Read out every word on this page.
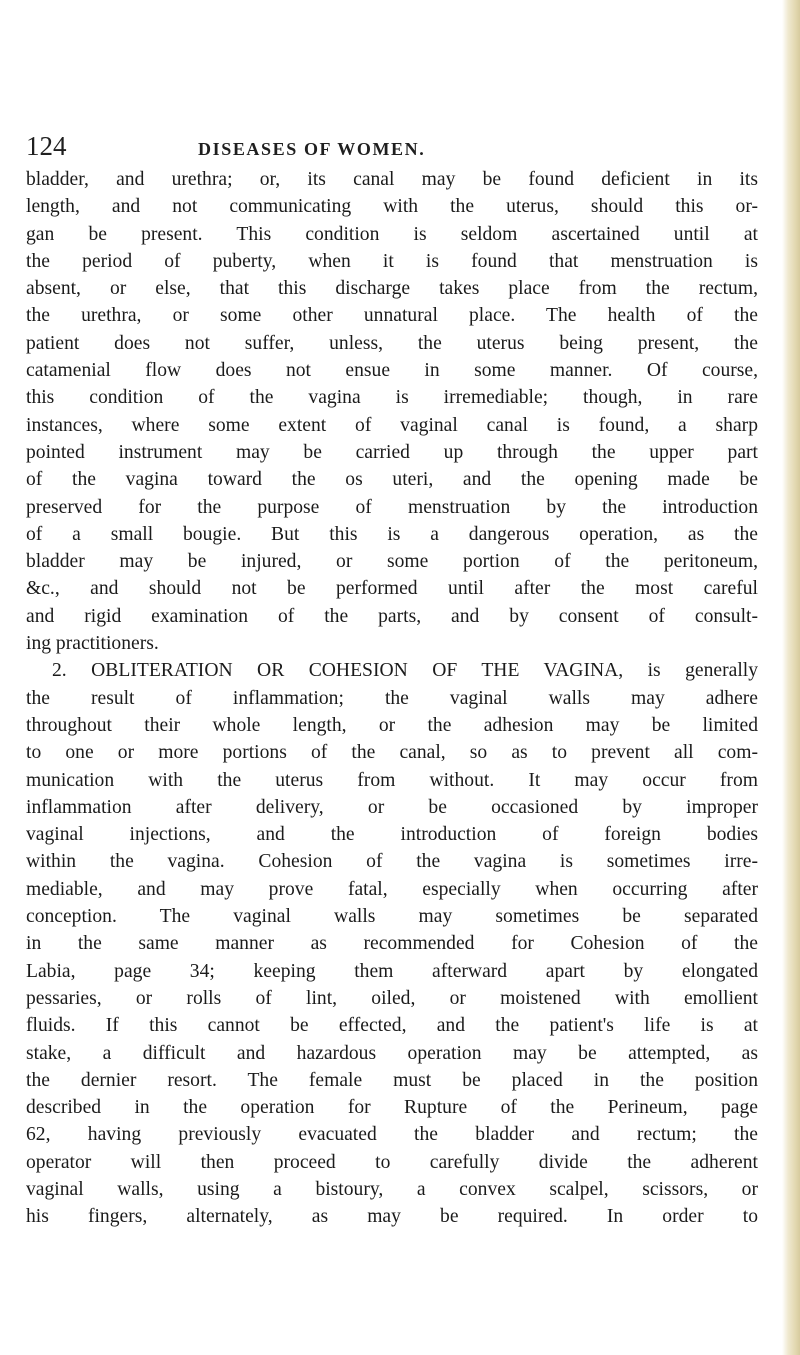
124	DISEASES OF WOMEN.
bladder, and urethra; or, its canal may be found deficient in its
length, and not communicating with the uterus, should this or-
gan be present. This condition is seldom ascertained until at
the period of puberty, when it is found that menstruation is
absent, or else, that this discharge takes place from the rectum,
the urethra, or some other unnatural place. The health of the
patient does not suffer, unless, the uterus being present, the
catamenial flow does not ensue in some manner. Of course,
this condition of the vagina is irremediable; though, in rare
instances, where some extent of vaginal canal is found, a sharp
pointed instrument may be carried up through the upper part
of the vagina toward the os uteri, and the opening made be
preserved for the purpose of menstruation by the introduction
of a small bougie. But this is a dangerous operation, as the
bladder may be injured, or some portion of the peritoneum,
&c., and should not be performed until after the most careful
and rigid examination of the parts, and by consent of consult-
ing practitioners.
2. OBLITERATION OR COHESION OF THE VAGINA, is generally
the result of inflammation; the vaginal walls may adhere
throughout their whole length, or the adhesion may be limited
to one or more portions of the canal, so as to prevent all com-
munication with the uterus from without. It may occur from
inflammation after delivery, or be occasioned by improper
vaginal injections, and the introduction of foreign bodies
within the vagina. Cohesion of the vagina is sometimes irre-
mediable, and may prove fatal, especially when occurring after
conception. The vaginal walls may sometimes be separated
in the same manner as recommended for Cohesion of the
Labia, page 34; keeping them afterward apart by elongated
pessaries, or rolls of lint, oiled, or moistened with emollient
fluids. If this cannot be effected, and the patient's life is at
stake, a difficult and hazardous operation may be attempted, as
the dernier resort. The female must be placed in the position
described in the operation for Rupture of the Perineum, page
62, having previously evacuated the bladder and rectum; the
operator will then proceed to carefully divide the adherent
vaginal walls, using a bistoury, a convex scalpel, scissors, or
his fingers, alternately, as may be required. In order to
